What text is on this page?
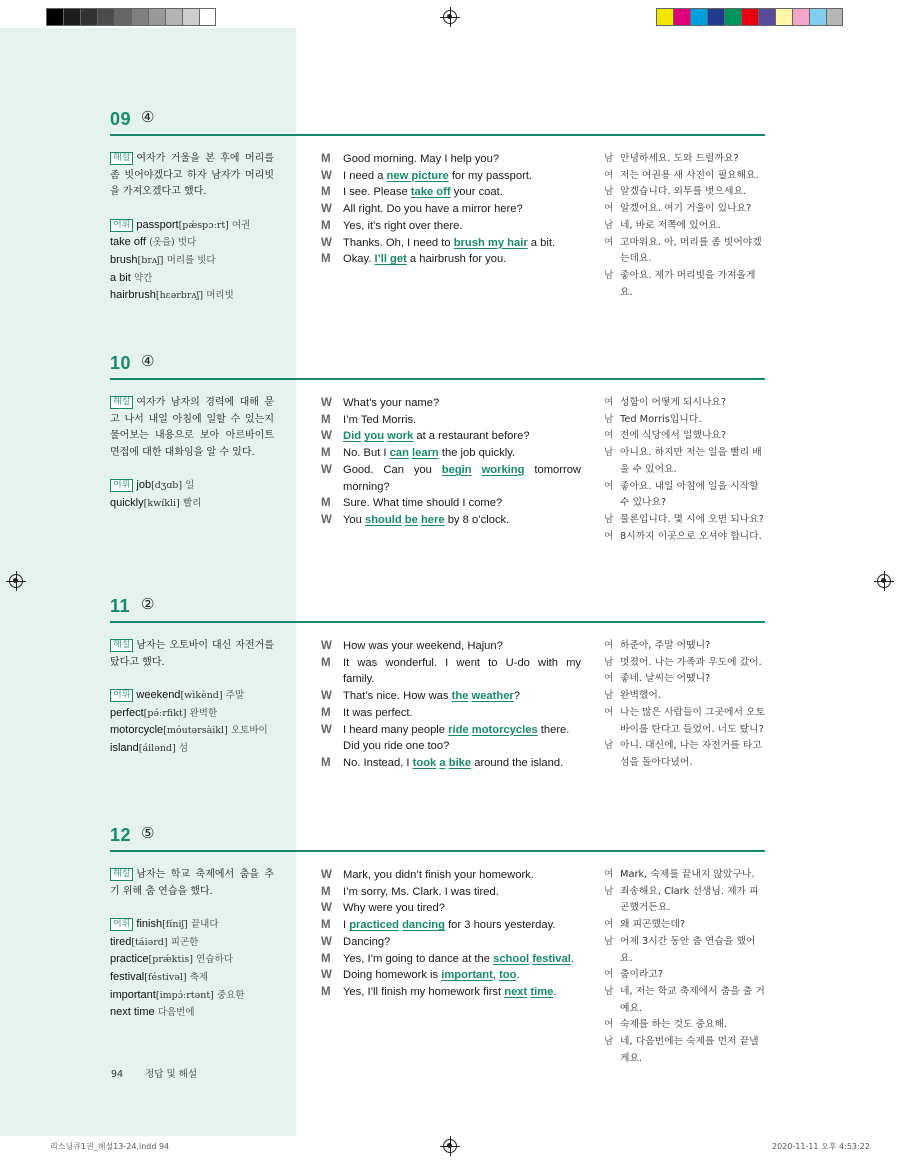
09 ④
해설 여자가 거울을 본 후에 머리를 좀 빗어야겠다고 하자 남자가 머리빗을 가져오겠다고 했다.
어휘 passport[pǽspɔːrt] 여권
take off (옷을) 벗다
brush[brʌʃ] 머리를 빗다
a bit 약간
hairbrush[hɛərbrʌʃ] 머리빗
M Good morning. May I help you?
W I need a new picture for my passport.
M I see. Please take off your coat.
W All right. Do you have a mirror here?
M Yes, it’s right over there.
W Thanks. Oh, I need to brush my hair a bit.
M Okay. I’ll get a hairbrush for you.
남 안녕하세요. 도와 드릴까요?
여 저는 여권용 새 사진이 필요해요.
남 알겠습니다. 외투를 벗으세요.
여 알겠어요. 여기 거울이 있나요?
남 네, 바로 저쪽에 있어요.
여 고마워요. 아, 머리를 좀 빗어야겠는데요.
남 좋아요. 제가 머리빗을 가져올게요.
10 ④
해설 여자가 남자의 경력에 대해 묻고 나서 내일 아침에 일할 수 있는지 물어보는 내용으로 보아 아르바이트 면접에 대한 대화임을 알 수 있다.
어휘 job[dʒɑb] 일
quickly[kwíkli] 빨리
W What’s your name?
M I’m Ted Morris.
W Did you work at a restaurant before?
M No. But I can learn the job quickly.
W Good. Can you begin working tomorrow
morning?
M Sure. What time should I come?
W You should be here by 8 o’clock.
여 성함이 어떻게 되시나요?
남 Ted Morris입니다.
여 전에 식당에서 일했나요?
남 아니요. 하지만 저는 일을 빨리 배울 수 있어요.
여 좋아요. 내일 아침에 일을 시작할 수 있나요?
남 물론입니다. 몇 시에 오면 되나요?
여 8시까지 이곳으로 오셔야 합니다.
11 ②
해설 남자는 오토바이 대신 자전거를 탔다고 했다.
어휘 weekend[wìkènd] 주말
perfect[pə́ːrfikt] 완벽한
motorcycle[móutərsàikl] 오토바이
island[áilənd] 섬
W How was your weekend, Hajun?
M It was wonderful. I went to U-do with my
family.
W That’s nice. How was the weather?
M It was perfect.
W I heard many people ride motorcycles there.
Did you ride one too?
M No. Instead, I took a bike around the island.
여 하준아, 주말 어땠니?
남 멋졌어. 나는 가족과 우도에 갔어.
여 좋네. 날씨는 어땠니?
남 완벽했어.
여 나는 많은 사람들이 그곳에서 오토바이를 탄다고 들었어. 너도 탔니?
남 아니. 대신에, 나는 자전거를 타고 섬을 돌아다녔어.
12 ⑤
해설 남자는 학교 축제에서 춤을 추기 위해 춤 연습을 했다.
어휘 finish[fíniʃ] 끝내다
tired[táiərd] 피곤한
practice[prǽktis] 연습하다
festival[féstivəl] 축제
important[impɔ́ːrtənt] 중요한
next time 다음번에
W Mark, you didn’t finish your homework.
M I’m sorry, Ms. Clark. I was tired.
W Why were you tired?
M I practiced dancing for 3 hours yesterday.
W Dancing?
M Yes, I’m going to dance at the school festival.
W Doing homework is important, too.
M Yes, I’ll finish my homework first next time.
여 Mark, 숙제를 끝내지 않았구나.
남 죄송해요, Clark 선생님. 제가 피곤했거든요.
여 왜 피곤했는데?
남 어제 3시간 동안 춤 연습을 했어요.
여 춤이라고?
남 네, 저는 학교 축제에서 춤을 출 거예요.
여 숙제를 하는 것도 중요해.
남 네, 다음번에는 숙제를 먼저 끝낼게요.
94 정답 및 해설
리스닝큐1권_해설13-24.indd 94	2020-11-11 오후 4:53:22
